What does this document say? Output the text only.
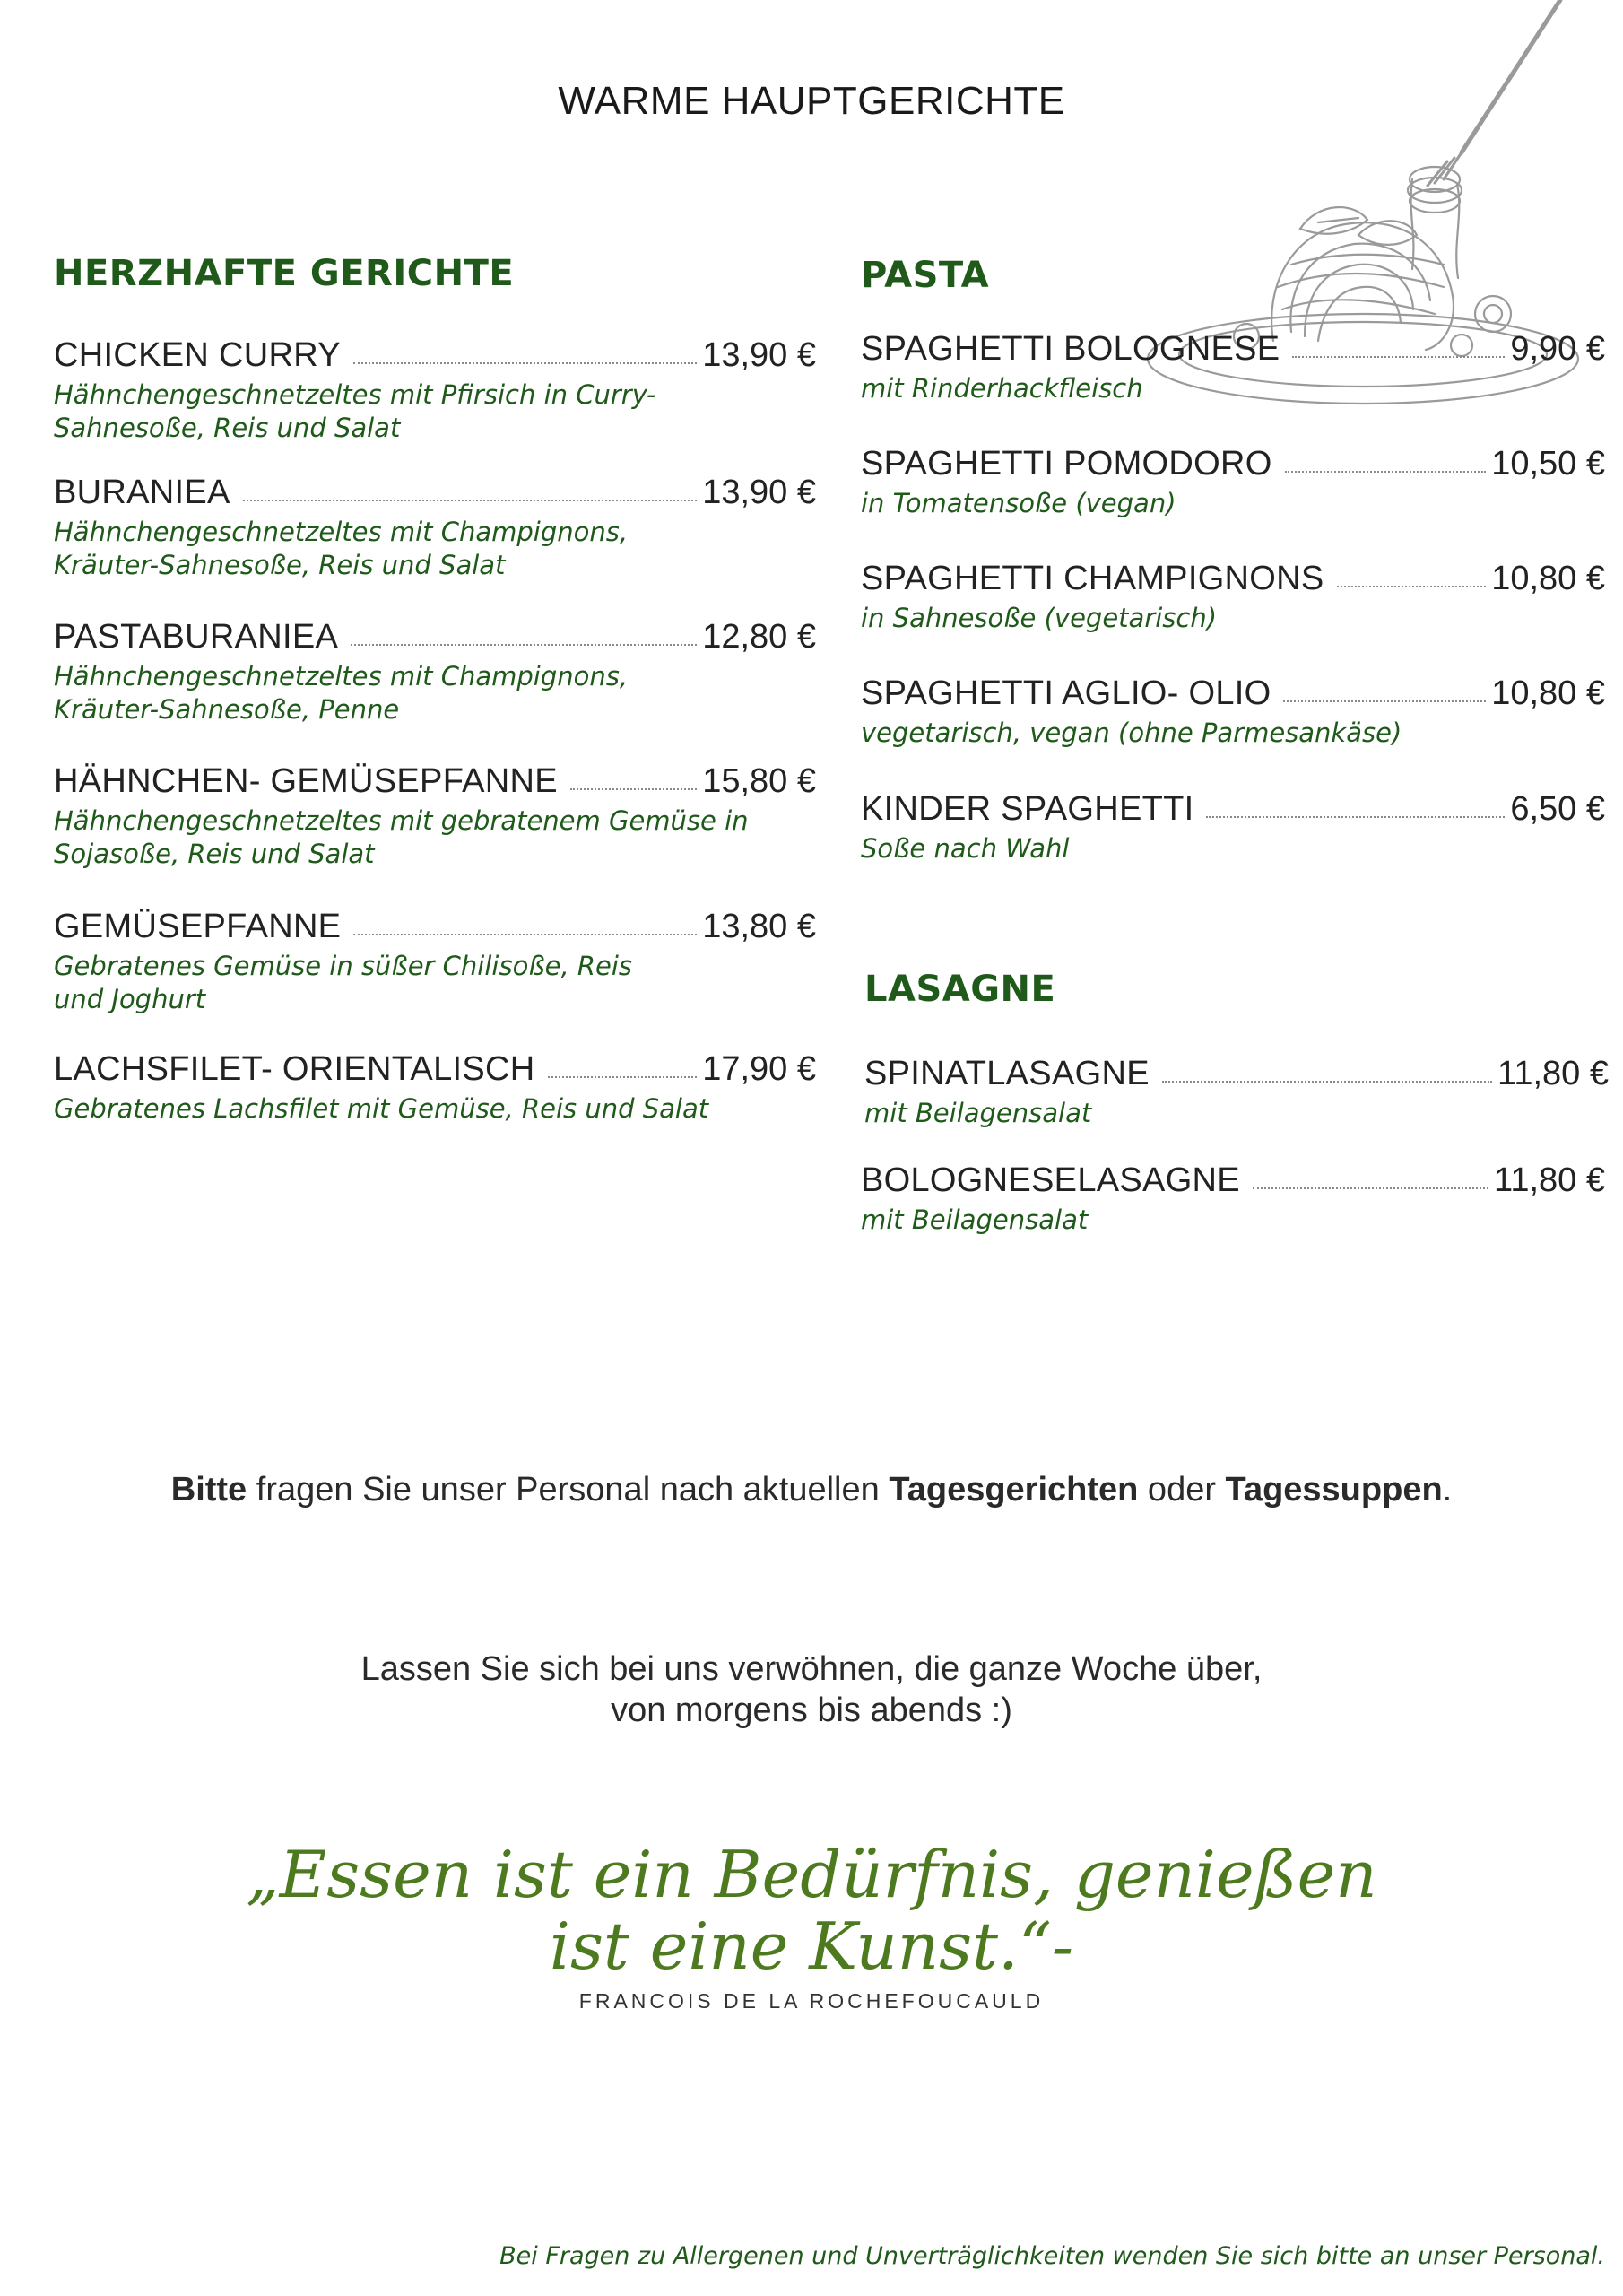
WARME HAUPTGERICHTE
HERZHAFTE GERICHTE
CHICKEN CURRY	13,90 €
Hähnchengeschnetzeltes mit Pfirsich in Curry-Sahnesoße, Reis und Salat
BURANIEA	13,90 €
Hähnchengeschnetzeltes mit Champignons, Kräuter-Sahnesoße, Reis und Salat
PASTABURANIEA	12,80 €
Hähnchengeschnetzeltes mit Champignons, Kräuter-Sahnesoße, Penne
HÄHNCHEN- GEMÜSEPFANNE	15,80 €
Hähnchengeschnetzeltes mit gebratenem Gemüse in Sojasoße, Reis und Salat
GEMÜSEPFANNE	13,80 €
Gebratenes Gemüse in süßer Chilisoße, Reis und Joghurt
LACHSFILET- ORIENTALISCH	17,90 €
Gebratenes Lachsfilet mit Gemüse, Reis und Salat
PASTA
SPAGHETTI BOLOGNESE	9,90 €
mit Rinderhackfleisch
SPAGHETTI POMODORO	10,50 €
in Tomatensoße (vegan)
SPAGHETTI CHAMPIGNONS	10,80 €
in Sahnesoße (vegetarisch)
SPAGHETTI AGLIO- OLIO	10,80 €
vegetarisch, vegan (ohne Parmesankäse)
KINDER SPAGHETTI	6,50 €
Soße nach Wahl
LASAGNE
SPINATLASAGNE	11,80 €
mit Beilagensalat
BOLOGNESELASAGNE	11,80 €
mit Beilagensalat
Bitte fragen Sie unser Personal nach aktuellen Tagesgerichten oder Tagessuppen.
Lassen Sie sich bei uns verwöhnen, die ganze Woche über,
von morgens bis abends :)
„Essen ist ein Bedürfnis, genießen
ist eine Kunst.“-
FRANCOIS DE LA ROCHEFOUCAULD
Bei Fragen zu Allergenen und Unverträglichkeiten wenden Sie sich bitte an unser Personal.
